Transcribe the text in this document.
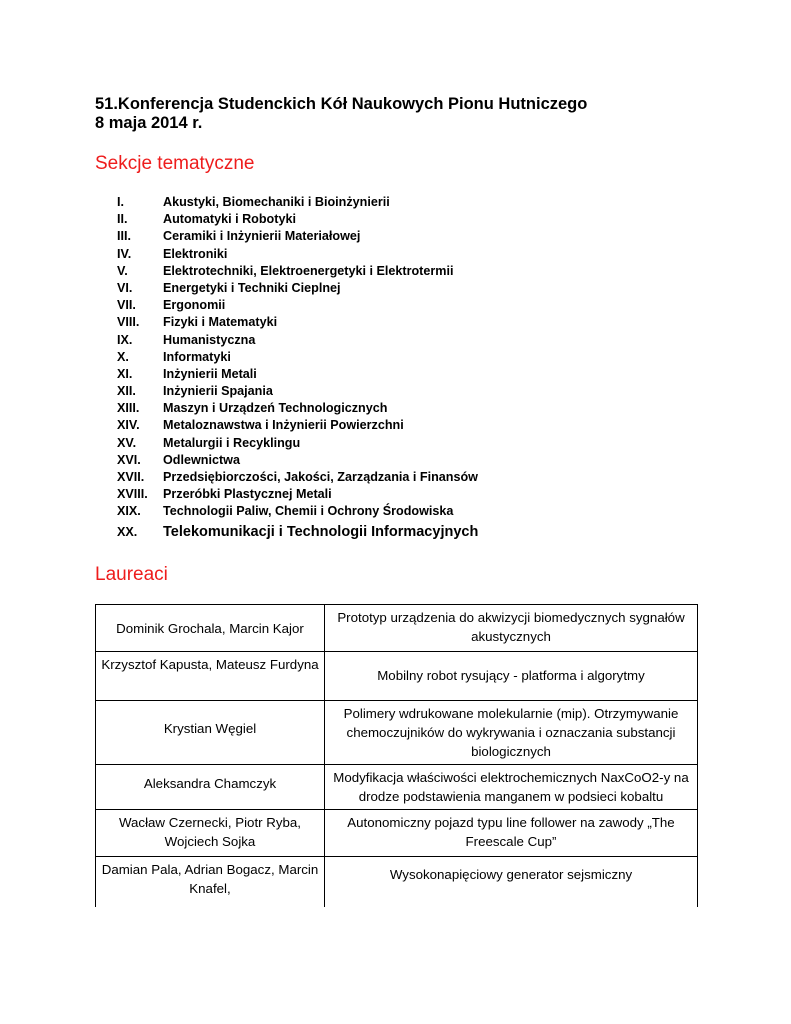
51.Konferencja Studenckich Kół Naukowych Pionu Hutniczego
8 maja 2014 r.
Sekcje tematyczne
I.	Akustyki, Biomechaniki i Bioinżynierii
II.	Automatyki i Robotyki
III.	Ceramiki i Inżynierii Materiałowej
IV.	Elektroniki
V.	Elektrotechniki, Elektroenergetyki i Elektrotermii
VI. Energetyki i Techniki Cieplnej
VII. Ergonomii
VIII. Fizyki i Matematyki
IX. Humanistyczna
X.	Informatyki
XI. Inżynierii Metali
XII. Inżynierii Spajania
XIII. Maszyn i Urządzeń Technologicznych
XIV. Metaloznawstwa i Inżynierii Powierzchni
XV. Metalurgii i Recyklingu
XVI. Odlewnictwa
XVII. Przedsiębiorczości, Jakości, Zarządzania i Finansów
XVIII. Przeróbki Plastycznej Metali
XIX. Technologii Paliw, Chemii i Ochrony Środowiska
XX. Telekomunikacji i Technologii Informacyjnych
Laureaci
Dominik Grochala, Marcin Kajor	Prototyp urządzenia do akwizycji biomedycznych sygnałów akustycznych

Krzysztof Kapusta, Mateusz Furdyna	Mobilny robot rysujący - platforma i algorytmy

Krystian Węgiel	Polimery wdrukowane molekularnie (mip). Otrzymywanie chemoczujników do wykrywania i oznaczania substancji biologicznych

Aleksandra Chamczyk	Modyfikacja właściwości elektrochemicznych NaxCoO2-y na drodze podstawienia manganem w podsieci kobaltu

Wacław Czernecki, Piotr Ryba, Wojciech Sojka	Autonomiczny pojazd typu line follower na zawody „The Freescale Cup”

Damian Pala, Adrian Bogacz, Marcin Knafel,	Wysokonapięciowy generator sejsmiczny
